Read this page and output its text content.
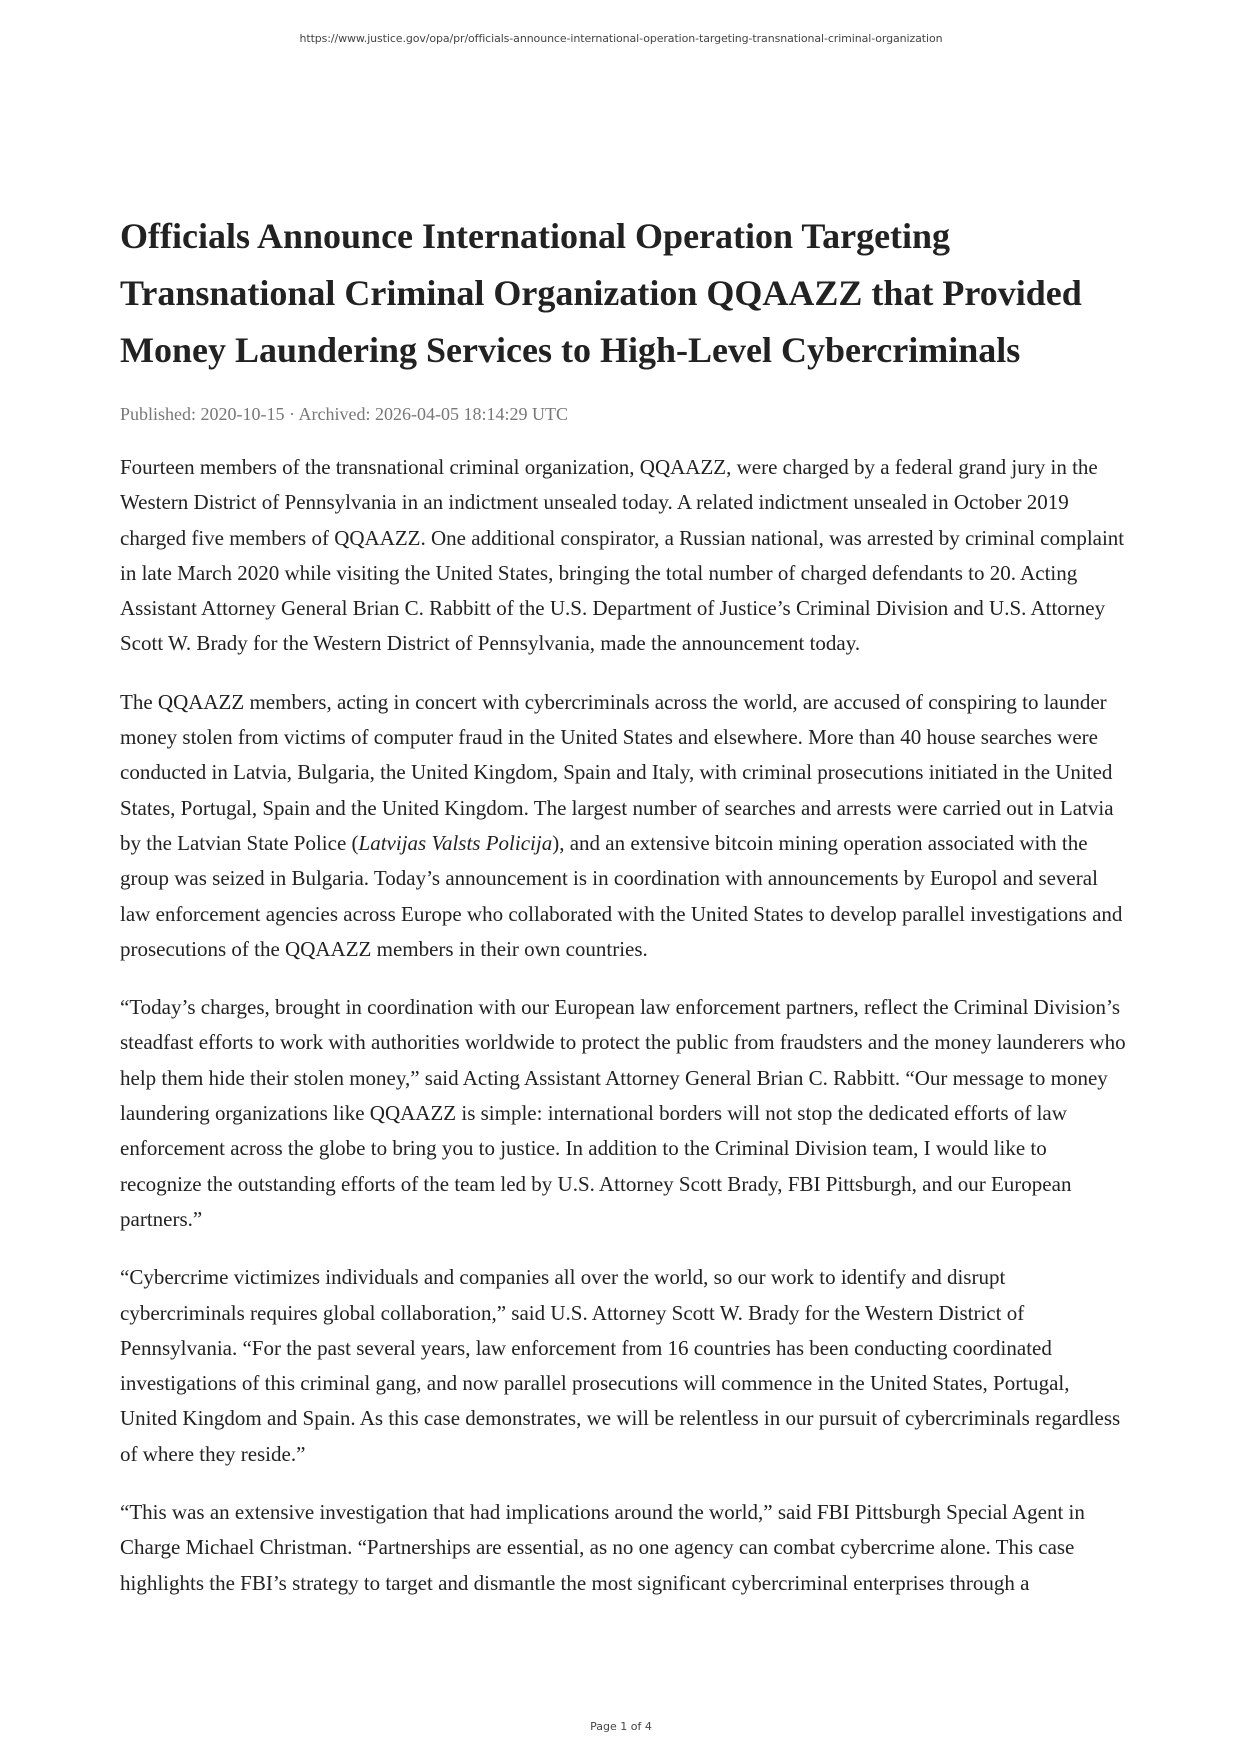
https://www.justice.gov/opa/pr/officials-announce-international-operation-targeting-transnational-criminal-organization
Officials Announce International Operation Targeting Transnational Criminal Organization QQAAZZ that Provided Money Laundering Services to High-Level Cybercriminals
Published: 2020-10-15 · Archived: 2026-04-05 18:14:29 UTC

Fourteen members of the transnational criminal organization, QQAAZZ, were charged by a federal grand jury in the Western District of Pennsylvania in an indictment unsealed today. A related indictment unsealed in October 2019 charged five members of QQAAZZ. One additional conspirator, a Russian national, was arrested by criminal complaint in late March 2020 while visiting the United States, bringing the total number of charged defendants to 20. Acting Assistant Attorney General Brian C. Rabbitt of the U.S. Department of Justice’s Criminal Division and U.S. Attorney Scott W. Brady for the Western District of Pennsylvania, made the announcement today.

The QQAAZZ members, acting in concert with cybercriminals across the world, are accused of conspiring to launder money stolen from victims of computer fraud in the United States and elsewhere. More than 40 house searches were conducted in Latvia, Bulgaria, the United Kingdom, Spain and Italy, with criminal prosecutions initiated in the United States, Portugal, Spain and the United Kingdom. The largest number of searches and arrests were carried out in Latvia by the Latvian State Police (Latvijas Valsts Policija), and an extensive bitcoin mining operation associated with the group was seized in Bulgaria. Today’s announcement is in coordination with announcements by Europol and several law enforcement agencies across Europe who collaborated with the United States to develop parallel investigations and prosecutions of the QQAAZZ members in their own countries.

“Today’s charges, brought in coordination with our European law enforcement partners, reflect the Criminal Division’s steadfast efforts to work with authorities worldwide to protect the public from fraudsters and the money launderers who help them hide their stolen money,” said Acting Assistant Attorney General Brian C. Rabbitt. “Our message to money laundering organizations like QQAAZZ is simple: international borders will not stop the dedicated efforts of law enforcement across the globe to bring you to justice. In addition to the Criminal Division team, I would like to recognize the outstanding efforts of the team led by U.S. Attorney Scott Brady, FBI Pittsburgh, and our European partners.”

“Cybercrime victimizes individuals and companies all over the world, so our work to identify and disrupt cybercriminals requires global collaboration,” said U.S. Attorney Scott W. Brady for the Western District of Pennsylvania. “For the past several years, law enforcement from 16 countries has been conducting coordinated investigations of this criminal gang, and now parallel prosecutions will commence in the United States, Portugal, United Kingdom and Spain. As this case demonstrates, we will be relentless in our pursuit of cybercriminals regardless of where they reside.”

“This was an extensive investigation that had implications around the world,” said FBI Pittsburgh Special Agent in Charge Michael Christman. “Partnerships are essential, as no one agency can combat cybercrime alone. This case highlights the FBI’s strategy to target and dismantle the most significant cybercriminal enterprises through a

Page 1 of 4
